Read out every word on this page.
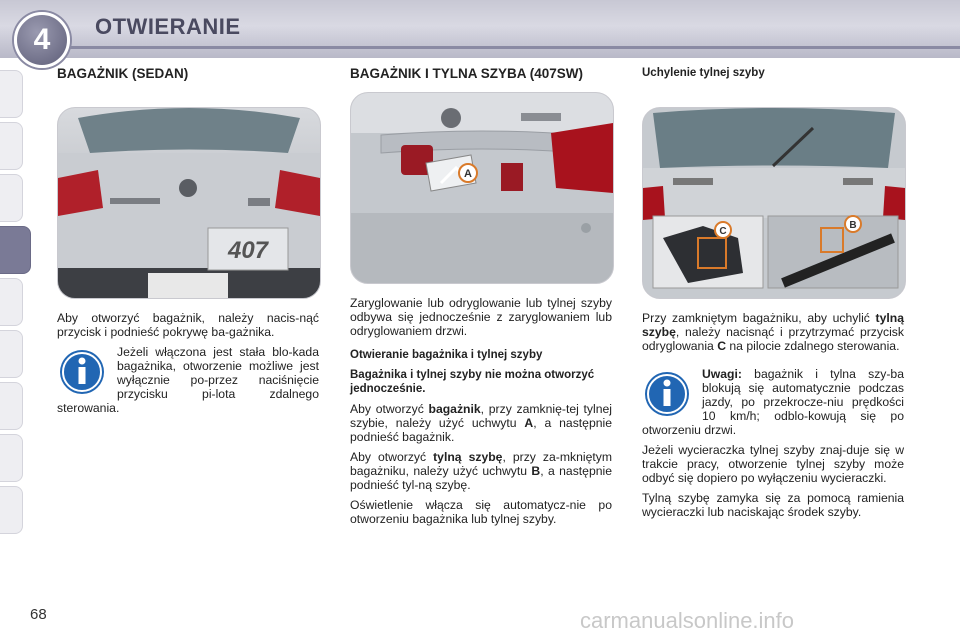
4	OTWIERANIE
BAGAŻNIK (SEDAN)
407

Aby otworzyć bagażnik, należy nacis-nąć przycisk i podnieść pokrywę ba-gażnika.

Jeżeli włączona jest stała blo-kada bagażnika, otworzenie możliwe jest wyłącznie po-przez naciśnięcie przycisku pi-lota zdalnego sterowania.

BAGAŻNIK I TYLNA SZYBA (407SW)
A

Zaryglowanie lub odryglowanie lub tylnej szyby odbywa się jednocześnie z zaryglowaniem lub odryglowaniem drzwi.

Otwieranie bagażnika i tylnej szyby
Bagażnika i tylnej szyby nie można otworzyć jednocześnie.

Aby otworzyć bagażnik, przy zamknię-tej tylnej szybie, należy użyć uchwytu A, a następnie podnieść bagażnik.

Aby otworzyć tylną szybę, przy za-mkniętym bagażniku, należy użyć uchwytu B, a następnie podnieść tyl-ną szybę.

Oświetlenie włącza się automatycz-nie po otworzeniu bagażnika lub tylnej szyby.

Uchylenie tylnej szyby
C
B

Przy zamkniętym bagażniku, aby uchylić tylną szybę, należy nacisnąć i przytrzymać przycisk odryglowania C na pilocie zdalnego sterowania.

Uwagi: bagażnik i tylna szy-ba blokują się automatycznie podczas jazdy, po przekrocze-niu prędkości 10 km/h; odblo-kowują się po otworzeniu drzwi.

Jeżeli wycieraczka tylnej szyby znaj-duje się w trakcie pracy, otworzenie tylnej szyby może odbyć się dopiero po wyłączeniu wycieraczki.

Tylną szybę zamyka się za pomocą ramienia wycieraczki lub naciskając środek szyby.

68	carmanualsonline.info
